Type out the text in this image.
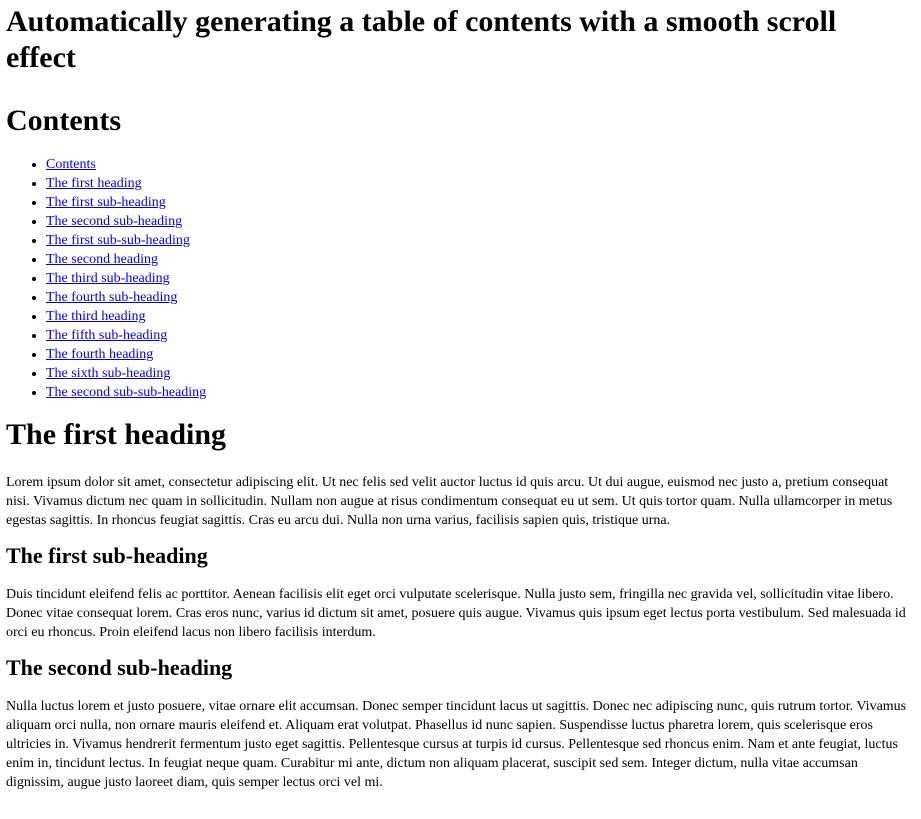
Automatically generating a table of contents with a smooth scroll effect
Contents
• Contents
• The first heading
• The first sub-heading
• The second sub-heading
• The first sub-sub-heading
• The second heading
• The third sub-heading
• The fourth sub-heading
• The third heading
• The fifth sub-heading
• The fourth heading
• The sixth sub-heading
• The second sub-sub-heading
The first heading

Lorem ipsum dolor sit amet, consectetur adipiscing elit. Ut nec felis sed velit auctor luctus id quis arcu. Ut dui augue, euismod nec justo a, pretium consequat nisi. Vivamus dictum nec quam in sollicitudin. Nullam non augue at risus condimentum consequat eu ut sem. Ut quis tortor quam. Nulla ullamcorper in metus egestas sagittis. In rhoncus feugiat sagittis. Cras eu arcu dui. Nulla non urna varius, facilisis sapien quis, tristique urna.

The first sub-heading

Duis tincidunt eleifend felis ac porttitor. Aenean facilisis elit eget orci vulputate scelerisque. Nulla justo sem, fringilla nec gravida vel, sollicitudin vitae libero. Donec vitae consequat lorem. Cras eros nunc, varius id dictum sit amet, posuere quis augue. Vivamus quis ipsum eget lectus porta vestibulum. Sed malesuada id orci eu rhoncus. Proin eleifend lacus non libero facilisis interdum.

The second sub-heading

Nulla luctus lorem et justo posuere, vitae ornare elit accumsan. Donec semper tincidunt lacus ut sagittis. Donec nec adipiscing nunc, quis rutrum tortor. Vivamus aliquam orci nulla, non ornare mauris eleifend et. Aliquam erat volutpat. Phasellus id nunc sapien. Suspendisse luctus pharetra lorem, quis scelerisque eros ultricies in. Vivamus hendrerit fermentum justo eget sagittis. Pellentesque cursus at turpis id cursus. Pellentesque sed rhoncus enim. Nam et ante feugiat, luctus enim in, tincidunt lectus. In feugiat neque quam. Curabitur mi ante, dictum non aliquam placerat, suscipit sed sem. Integer dictum, nulla vitae accumsan dignissim, augue justo laoreet diam, quis semper lectus orci vel mi.
